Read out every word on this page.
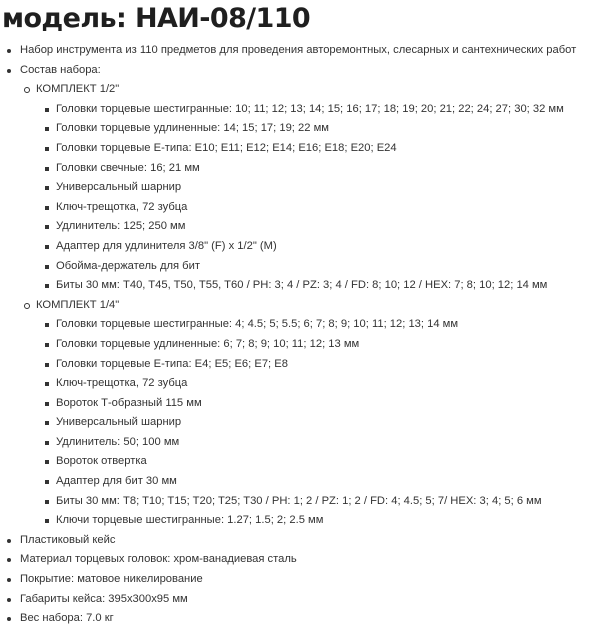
модель: НАИ-08/110
Набор инструмента из 110 предметов для проведения авторемонтных, слесарных и сантехнических работ
Состав набора:
КОМПЛЕКТ 1/2"
Головки торцевые шестигранные: 10; 11; 12; 13; 14; 15; 16; 17; 18; 19; 20; 21; 22; 24; 27; 30; 32 мм
Головки торцевые удлиненные: 14; 15; 17; 19; 22 мм
Головки торцевые E-типа: E10; E11; E12; E14; E16; E18; E20; E24
Головки свечные: 16; 21 мм
Универсальный шарнир
Ключ-трещотка, 72 зубца
Удлинитель: 125; 250 мм
Адаптер для удлинителя 3/8" (F) x 1/2" (M)
Обойма-держатель для бит
Биты 30 мм: T40, T45, T50, T55, T60 / PH: 3; 4 / PZ: 3; 4 / FD: 8; 10; 12 / HEX: 7; 8; 10; 12; 14 мм
КОМПЛЕКТ 1/4"
Головки торцевые шестигранные: 4; 4.5; 5; 5.5; 6; 7; 8; 9; 10; 11; 12; 13; 14 мм
Головки торцевые удлиненные: 6; 7; 8; 9; 10; 11; 12; 13 мм
Головки торцевые E-типа: E4; E5; E6; E7; E8
Ключ-трещотка, 72 зубца
Вороток Т-образный 115 мм
Универсальный шарнир
Удлинитель: 50; 100 мм
Вороток отвертка
Адаптер для бит 30 мм
Биты 30 мм: T8; T10; T15; T20; T25; T30 / PH: 1; 2 / PZ: 1; 2 / FD: 4; 4.5; 5; 7/ HEX: 3; 4; 5; 6 мм
Ключи торцевые шестигранные: 1.27; 1.5; 2; 2.5 мм
Пластиковый кейс
Материал торцевых головок: хром-ванадиевая сталь
Покрытие: матовое никелирование
Габариты кейса: 395x300x95 мм
Вес набора: 7.0 кг
